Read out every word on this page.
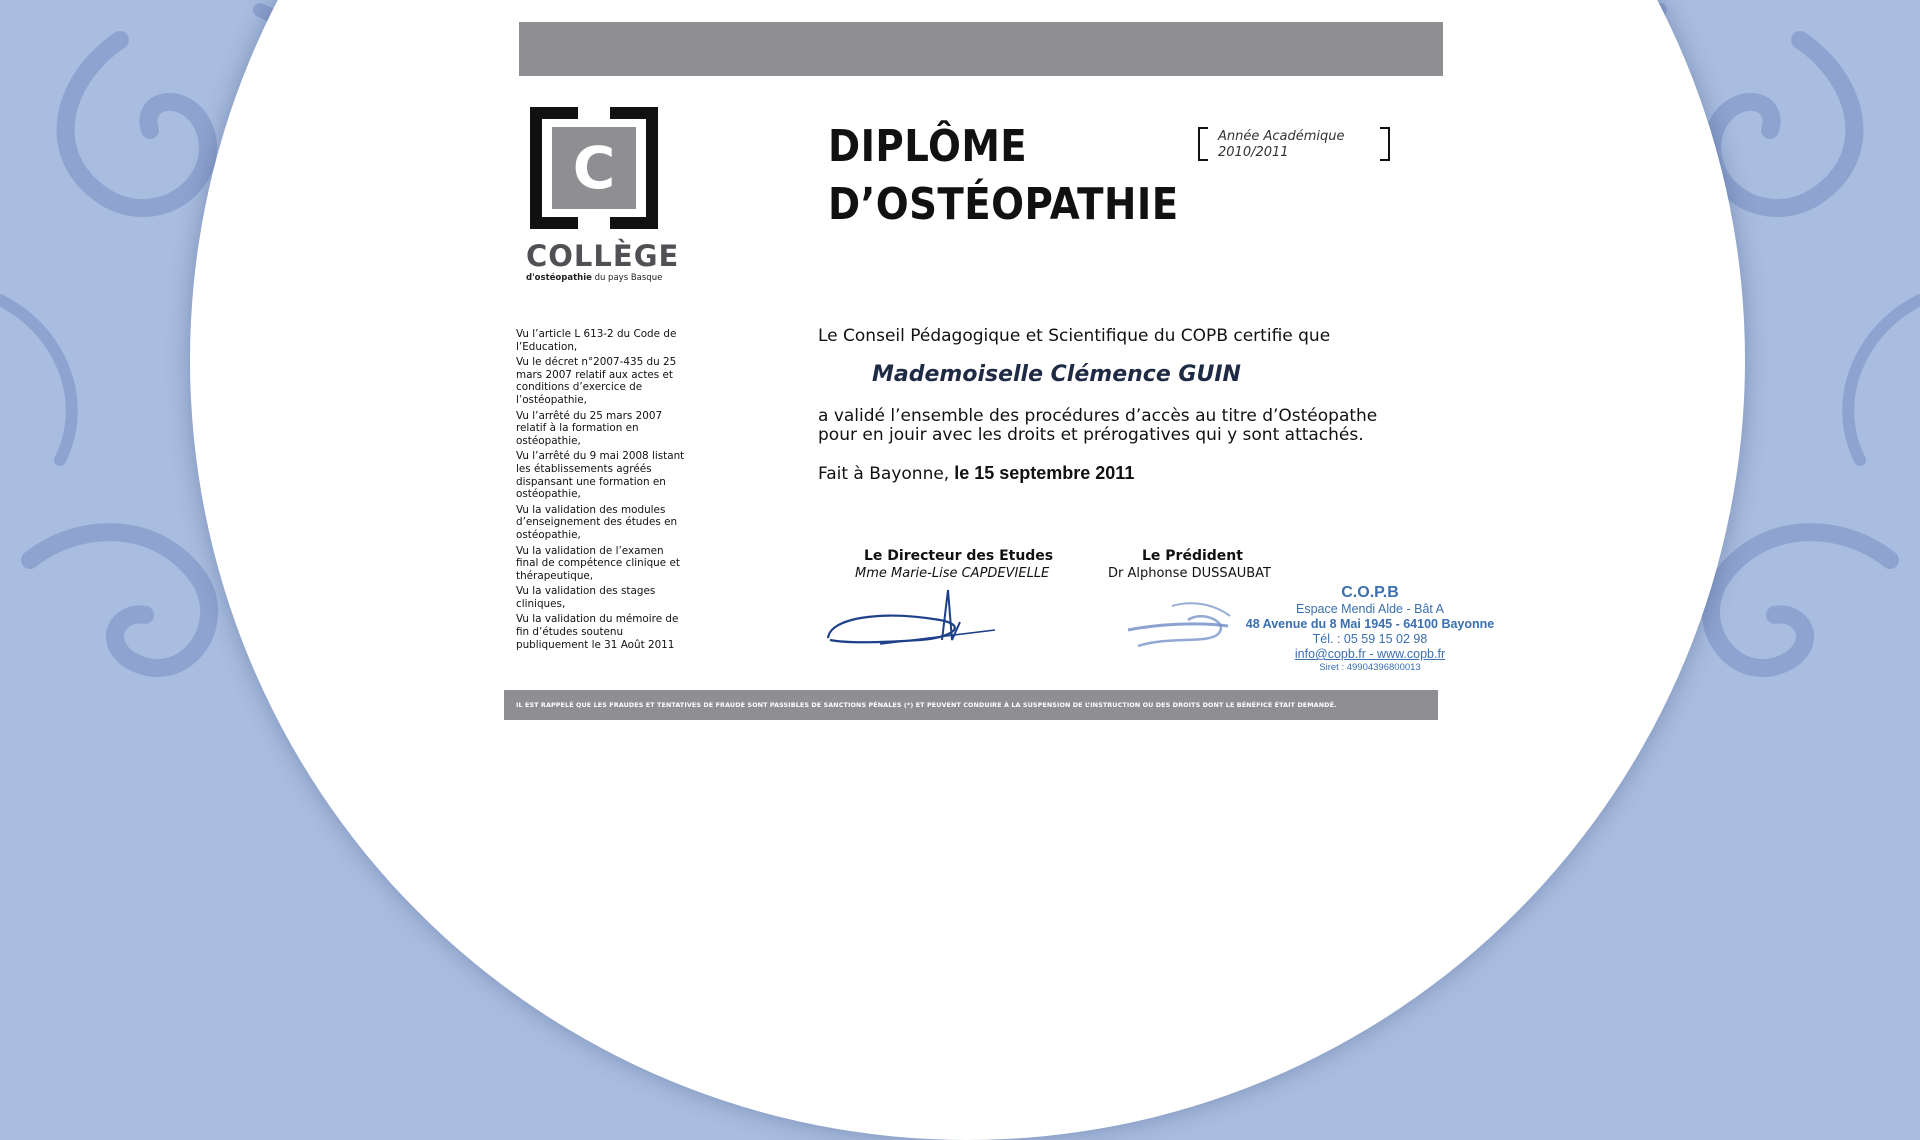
C
COLLÈGE
d'ostéopathie du pays Basque
DIPLÔME
D’OSTÉOPATHIE
Année Académique
2010/2011
Vu l’article L 613-2 du Code de l’Education,
Vu le décret n°2007-435 du 25 mars 2007 relatif aux actes et conditions d’exercice de l’ostéopathie,
Vu l’arrêté du 25 mars 2007 relatif à la formation en ostéopathie,
Vu l’arrêté du 9 mai 2008 listant les établissements agréés dispansant une formation en ostéopathie,
Vu la validation des modules d’enseignement des études en ostéopathie,
Vu la validation de l’examen final de compétence clinique et thérapeutique,
Vu la validation des stages cliniques,
Vu la validation du mémoire de fin d’études soutenu publiquement le 31 Août 2011
Le Conseil Pédagogique et Scientifique du COPB certifie que
Mademoiselle Clémence GUIN
a validé l’ensemble des procédures d’accès au titre d’Ostéopathe
pour en jouir avec les droits et prérogatives qui y sont attachés.
Fait à Bayonne, le 15 septembre 2011
Le Directeur des Etudes
Mme Marie-Lise CAPDEVIELLE
Le Prédident
Dr Alphonse DUSSAUBAT
C.O.P.B
Espace Mendi Alde - Bât A
48 Avenue du 8 Mai 1945 - 64100 Bayonne
Tél. : 05 59 15 02 98
info@copb.fr - www.copb.fr
Siret : 49904396800013
IL EST RAPPELÉ QUE LES FRAUDES ET TENTATIVES DE FRAUDE SONT PASSIBLES DE SANCTIONS PÉNALES (*) ET PEUVENT CONDUIRE À LA SUSPENSION DE L’INSTRUCTION OU DES DROITS DONT LE BÉNÉFICE ÉTAIT DEMANDÉ.
